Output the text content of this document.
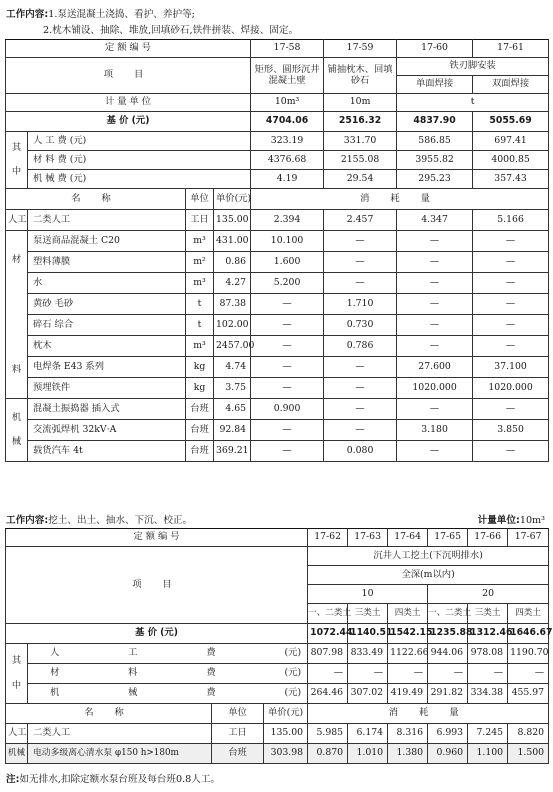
工作内容:1.泵送混凝土浇捣、看护、养护等;
2.枕木铺设、抽除、堆放,回填砂石,铁件拼装、焊接、固定。
定 额 编 号				17-58	17-59	17-60	17-61
项 目				矩形、圆形沉井混凝土壁	铺抽枕木、回填砂石	铁刃脚安装	
						单面焊接	双面焊接
计 量 单 位				10m³	10m	t	
基 价 (元)				4704.06	2516.32	4837.90	5055.69
其
中	人 工 费 (元)			323.19	331.70	586.85	697.41
	材 料 费 (元)			4376.68	2155.08	3955.82	4000.85
	机 械 费 (元)			4.19	29.54	295.23	357.43
名 称		单位	单价(元)	消 耗 量			
人工	二类人工	工日	135.00	2.394	2.457	4.347	5.166

材
料	泵送商品混凝土 C20	m³	431.00	10.100	—	—	—
	塑料薄膜	m²	0.86	1.600	—	—	—
	水	m³	4.27	5.200	—	—	—
	黄砂 毛砂	t	87.38	—	1.710	—	—
	碎石 综合	t	102.00	—	0.730	—	—
	枕木	m³	2457.00	—	0.786	—	—
	电焊条 E43 系列	kg	4.74	—	—	27.600	37.100
	预埋铁件	kg	3.75	—	—	1020.000	1020.000
机
械	混凝土振捣器 插入式	台班	4.65	0.900	—	—	—
	交流弧焊机 32kV·A	台班	92.84	—	—	3.180	3.850
	载货汽车 4t	台班	369.21	—	0.080	—	—
工作内容:挖土、出土、抽水、下沉、校正。	计量单位:10m³
定 额 编 号				17-62	17-63	17-64	17-65	17-66	17-67
项 目				沉井人工挖土(下沉明排水)					
				全深(m以内)					
				10			20		
				一、二类土	三类土	四类土	一、二类土	三类土	四类土
基 价 (元)				1072.44	1140.51	1542.15	1235.88	1312.46	1646.67
其
中	人 工 费 (元)			807.98	833.49	1122.66	944.06	978.08	1190.70

	材 料 费 (元)			—	—	—	—	—	—

	机 械 费 (元)			264.46	307.02	419.49	291.82	334.38	455.97
名 称		单位	单价(元)	消 耗 量					
人工	二类人工	工日	135.00	5.985	6.174	8.316	6.993	7.245	8.820
机械	电动多级离心清水泵 φ150 h>180m	台班	303.98	0.870	1.010	1.380	0.960	1.100	1.500
注:如无排水,扣除定额水泵台班及每台班0.8人工。
